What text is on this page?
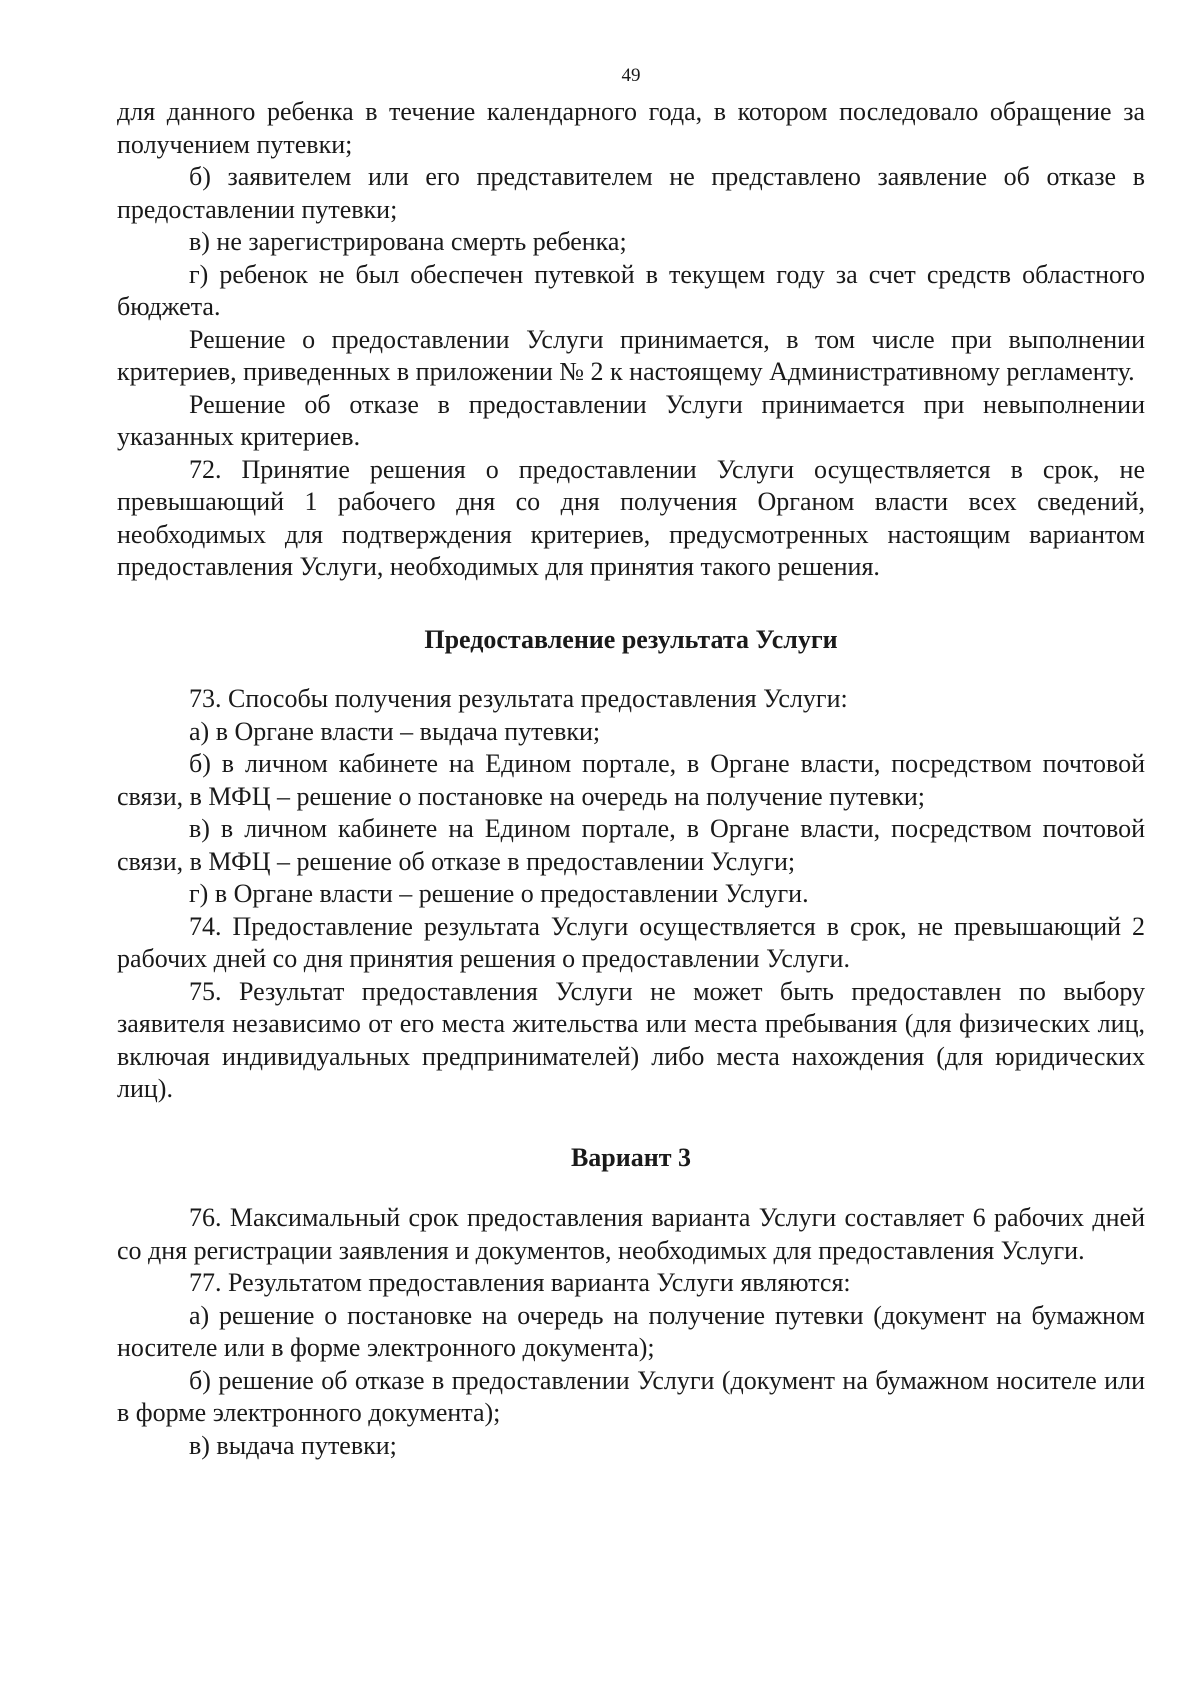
49

для данного ребенка в течение календарного года, в котором последовало обращение за получением путевки;

б) заявителем или его представителем не представлено заявление об отказе в предоставлении путевки;

в) не зарегистрирована смерть ребенка;

г) ребенок не был обеспечен путевкой в текущем году за счет средств областного бюджета.

Решение о предоставлении Услуги принимается, в том числе при выполнении критериев, приведенных в приложении № 2 к настоящему Административному регламенту.

Решение об отказе в предоставлении Услуги принимается при невыполнении указанных критериев.

72. Принятие решения о предоставлении Услуги осуществляется в срок, не превышающий 1 рабочего дня со дня получения Органом власти всех сведений, необходимых для подтверждения критериев, предусмотренных настоящим вариантом предоставления Услуги, необходимых для принятия такого решения.

Предоставление результата Услуги

73. Способы получения результата предоставления Услуги:

а) в Органе власти – выдача путевки;

б) в личном кабинете на Едином портале, в Органе власти, посредством почтовой связи, в МФЦ – решение о постановке на очередь на получение путевки;

в) в личном кабинете на Едином портале, в Органе власти, посредством почтовой связи, в МФЦ – решение об отказе в предоставлении Услуги;

г) в Органе власти – решение о предоставлении Услуги.

74. Предоставление результата Услуги осуществляется в срок, не превышающий 2 рабочих дней со дня принятия решения о предоставлении Услуги.

75. Результат предоставления Услуги не может быть предоставлен по выбору заявителя независимо от его места жительства или места пребывания (для физических лиц, включая индивидуальных предпринимателей) либо места нахождения (для юридических лиц).

Вариант 3

76. Максимальный срок предоставления варианта Услуги составляет 6 рабочих дней со дня регистрации заявления и документов, необходимых для предоставления Услуги.

77. Результатом предоставления варианта Услуги являются:

а) решение о постановке на очередь на получение путевки (документ на бумажном носителе или в форме электронного документа);

б) решение об отказе в предоставлении Услуги (документ на бумажном носителе или в форме электронного документа);

в) выдача путевки;
